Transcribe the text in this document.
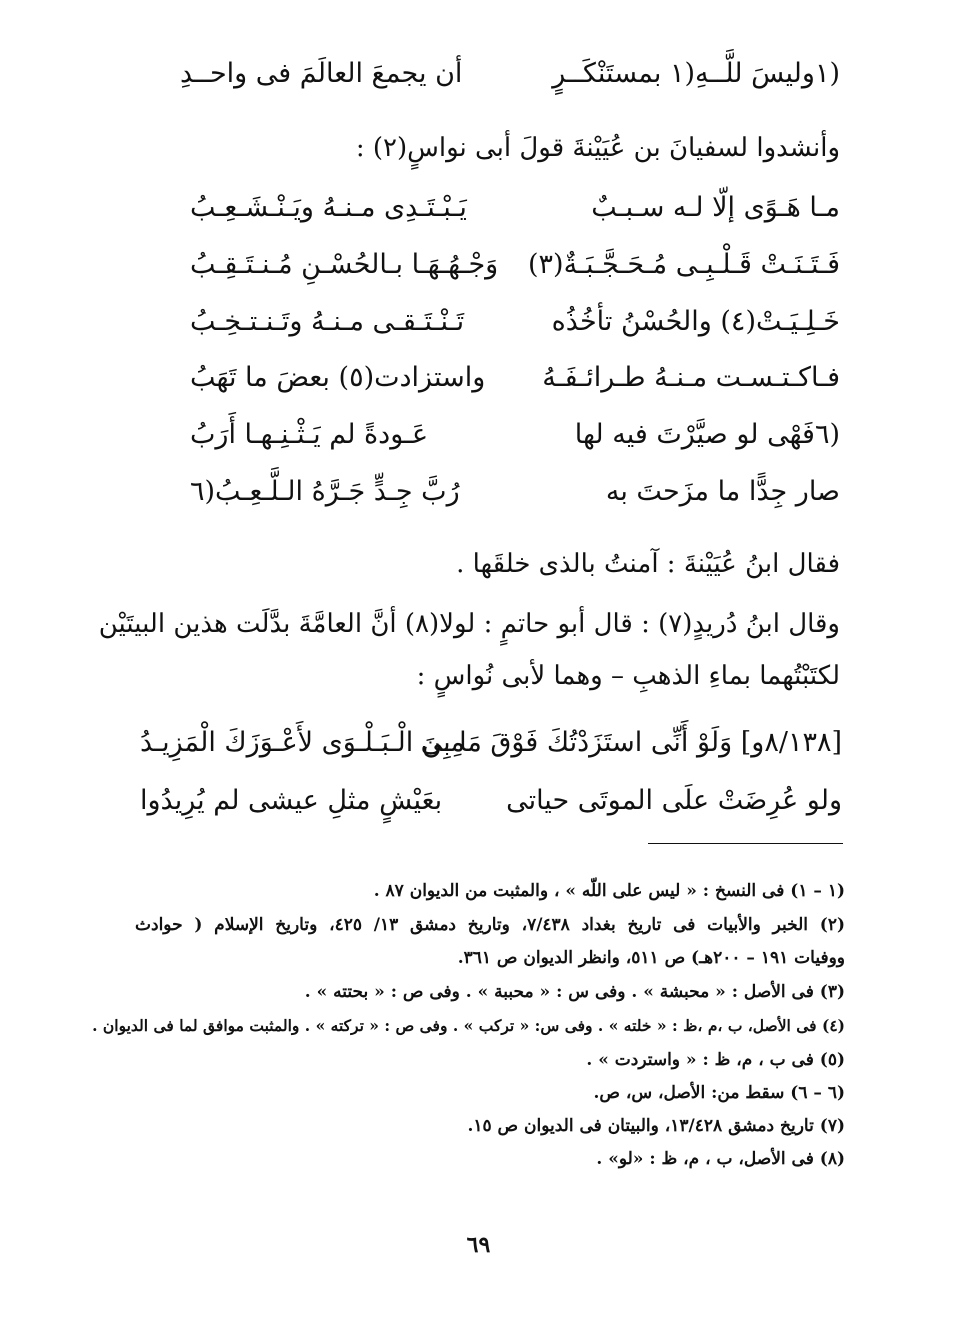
(١وليسَ للَّــهِ(١ بمستَنْكَــرٍ
أن يجمعَ العالَمَ فى واحــدِ
وأنشدوا لسفيانَ بن عُيَيْنةَ قولَ أبى نواسٍ(٢) :
مـا هَـوًى إلّا لـه سـبـبٌ
يَـبْـتَـدِى مـنـهُ ويَـنْـشَـعِـبُ
فَـتَـنَـتْ قَـلْـبِـى مُـحَـجَّـبَـةٌ(٣)
وَجْـهُـهَـا بـالحُسْـنِ مُـنـتَـقِـبُ
خَـلِـيَـتْ(٤) والحُسْنُ تأخُذُه
تَـنْـتَـقـى مـنـهُ وتَـنـتـخِـبُ
فـاكـتـسـت مـنـهُ طـرائـفَـهُ
واستزادت(٥) بعضَ ما تَهَبُ
(٦فَهْى لو صيَّرْتَ فيه لها
عَـودةً لم يَـثْـنِـهـا أَرَبُ
صار جِدًّا ما مزَحتَ به
رُبَّ جِـدٍّ جَـرَّهُ الـلَّـعِـبُ(٦
فقال ابنُ عُيَيْنةَ : آمنتُ بالذى خلقَها .
وقال ابنُ دُريدٍ(٧) : قال أبو حاتمٍ : لولا(٨) أنَّ العامَّةَ بدَّلَت هذين البيتَيْن
لكتَبْتُهما بماءِ الذهبِ – وهما لأبى نُواسٍ :
[٨/١٣٨و] وَلَوْ أَنِّى استَزَدْتُكَ فَوْقَ مَا بِى
مِـنَ الْـبَـلْـوَى لأَعْـوَزَكَ الْمَزِيـدُ
ولو عُرِضَتْ علَى الموتَى حياتى
بعَيْشٍ مثلِ عيشى لم يُرِيدُوا
(١ – ١) فى النسخ : « ليس على اللّه » ، والمثبت من الديوان ٨٧ .
(٢) الخبر والأبيات فى تاريخ بغداد ٧/٤٣٨، وتاريخ دمشق ١٣/ ٤٢٥، وتاريخ الإسلام ( حوادث
ووفيات ١٩١ – ٢٠٠هـ) ص ٥١١، وانظر الديوان ص ٣٦١.
(٣) فى الأصل : « محبشة » . وفى س : « محببة » . وفى ص : « بحتته » .
(٤) فى الأصل، ب ،م ،ظ : « خلته » . وفى س: « تركب » . وفى ص : « تركته » . والمثبت موافق لما فى الديوان .
(٥) فى ب ، م، ظ : « واستردت » .
(٦ – ٦) سقط من: الأصل، س، ص.
(٧) تاريخ دمشق ١٣/٤٢٨، والبيتان فى الديوان ص ١٥.
(٨) فى الأصل، ب ، م، ظ : «لو» .
٦٩
